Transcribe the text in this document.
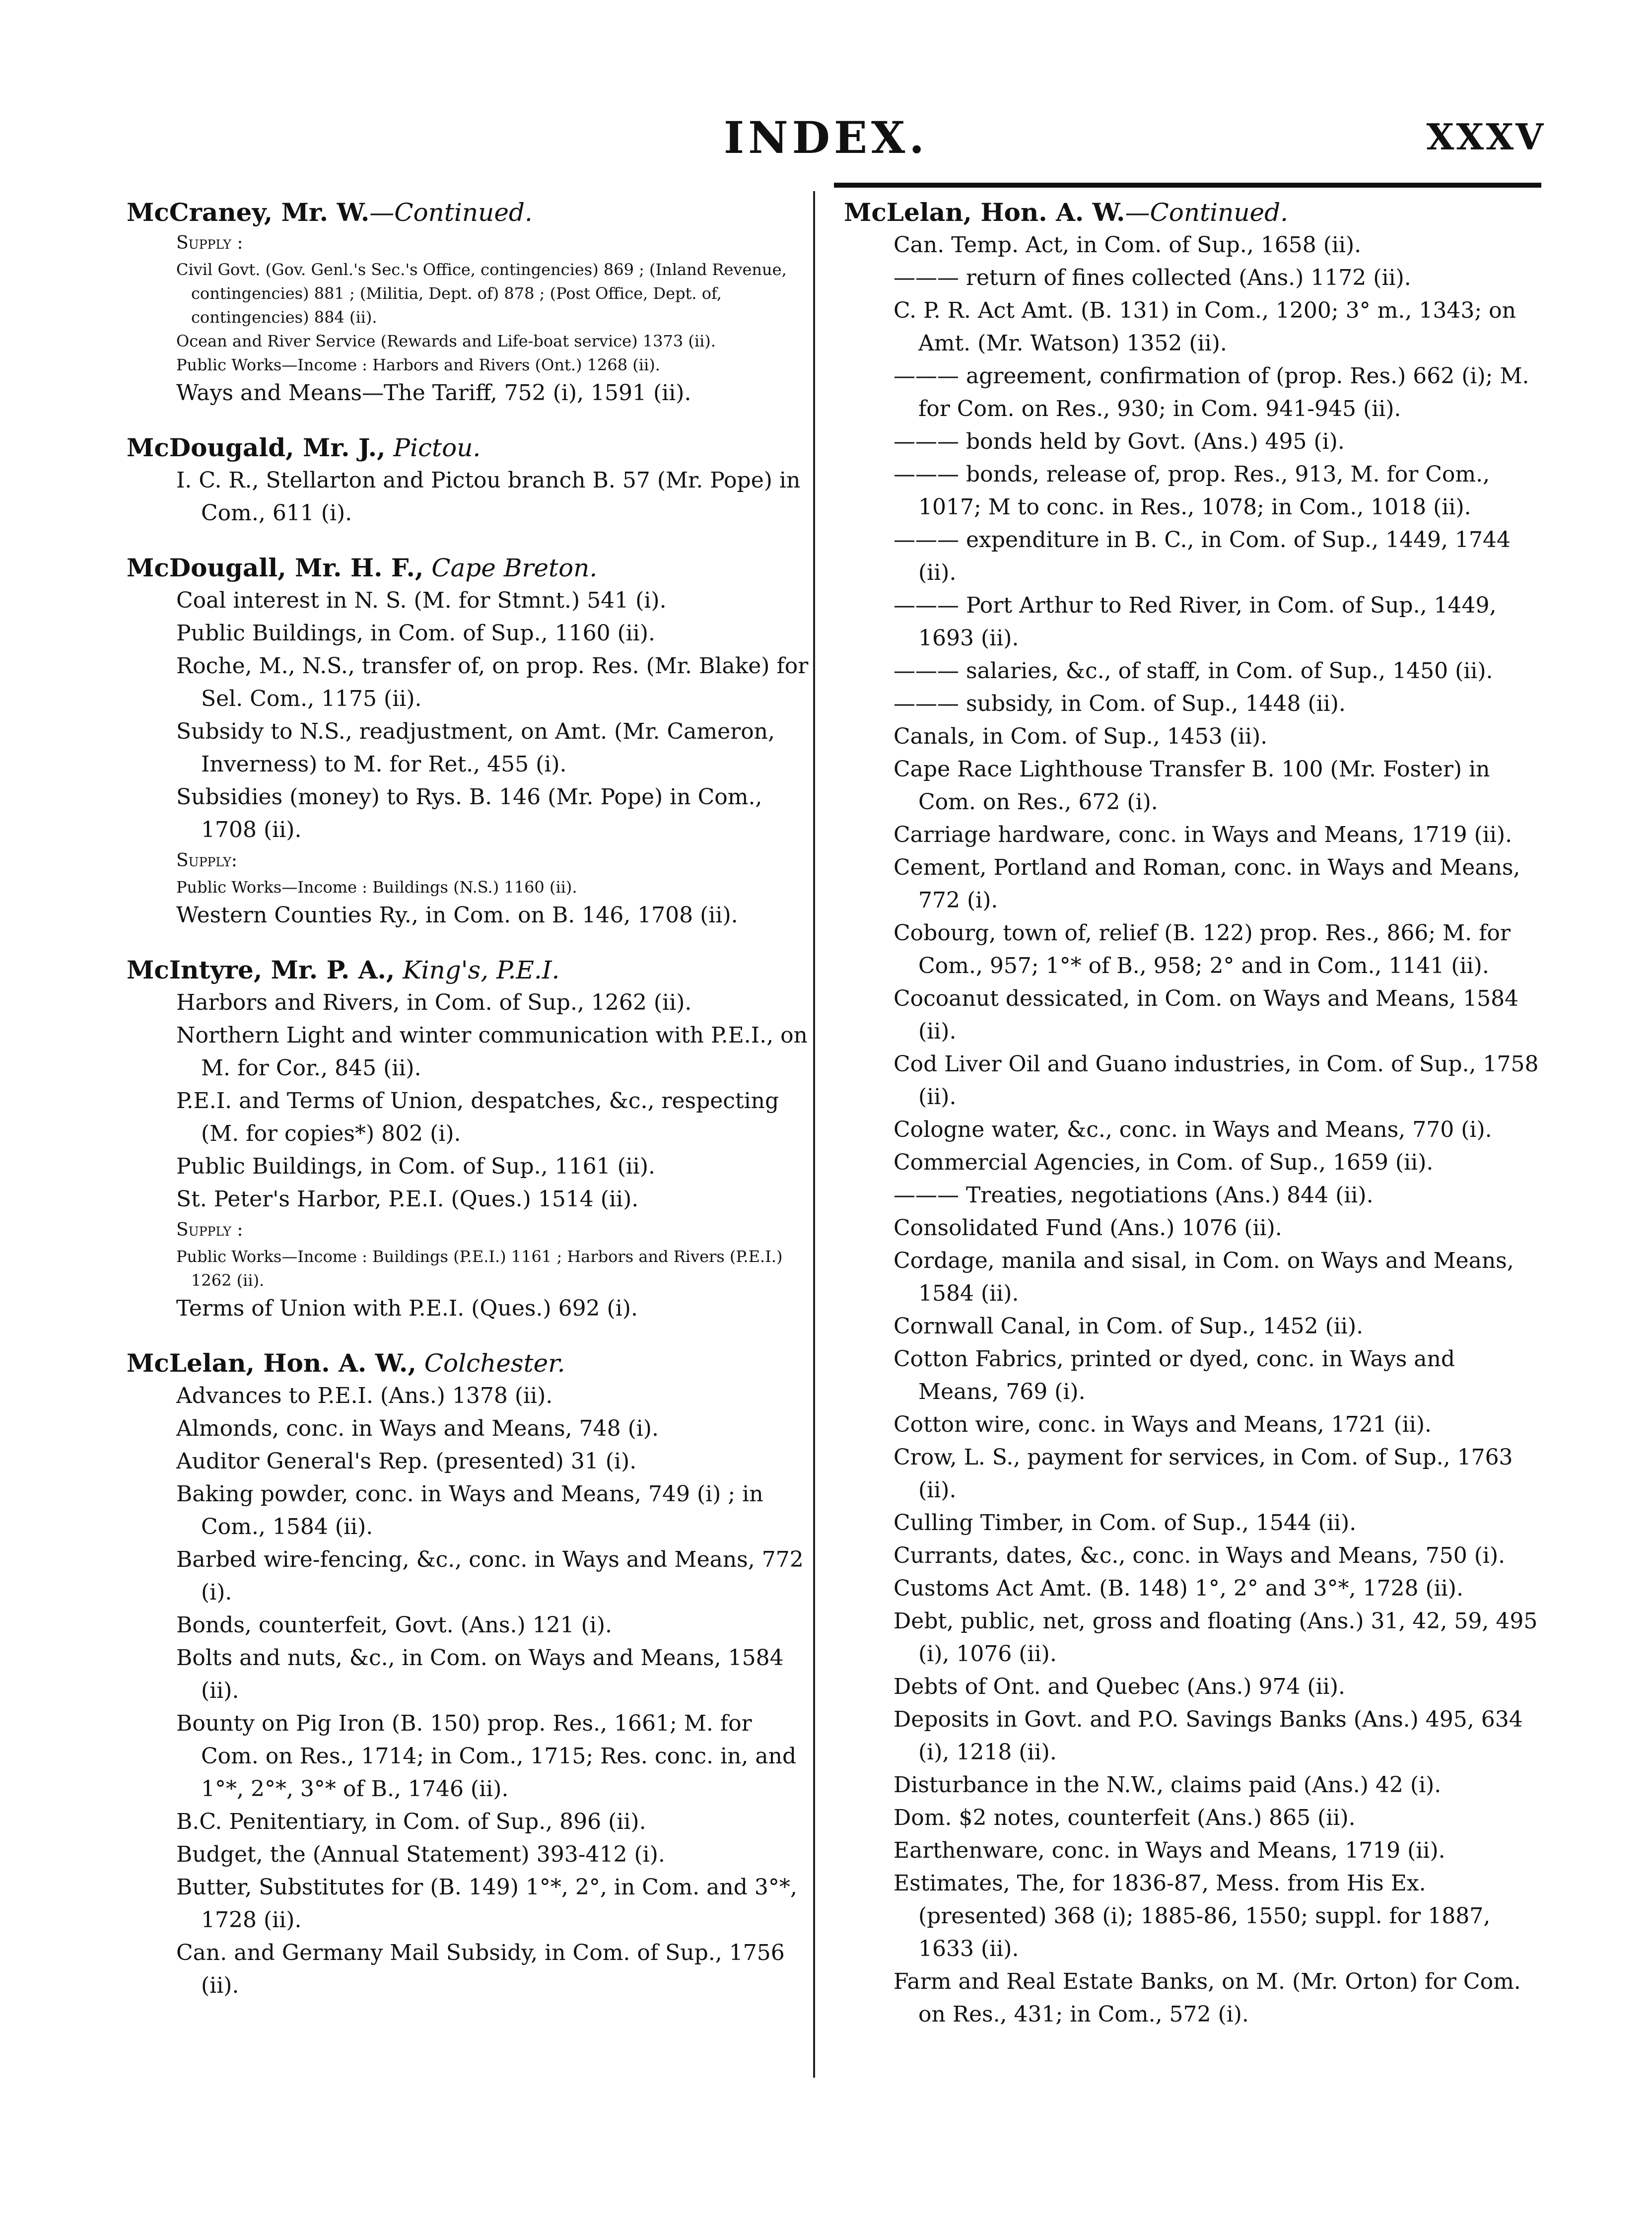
INDEX.	XXXV
McCraney, Mr. W.—Continued.
Supply :
Civil Govt. (Gov. Genl.'s Sec.'s Office, contingencies) 869 ; (Inland Revenue, contingencies) 881 ; (Militia, Dept. of) 878 ; (Post Office, Dept. of, contingencies) 884 (ii).
Ocean and River Service (Rewards and Life-boat service) 1373 (ii).
Public Works—Income : Harbors and Rivers (Ont.) 1268 (ii).
Ways and Means—The Tariff, 752 (i), 1591 (ii).
McDougald, Mr. J., Pictou.
I. C. R., Stellarton and Pictou branch B. 57 (Mr. Pope) in Com., 611 (i).
McDougall, Mr. H. F., Cape Breton.
Coal interest in N. S. (M. for Stmnt.) 541 (i).
Public Buildings, in Com. of Sup., 1160 (ii).
Roche, M., N.S., transfer of, on prop. Res. (Mr. Blake) for Sel. Com., 1175 (ii).
Subsidy to N.S., readjustment, on Amt. (Mr. Cameron, Inverness) to M. for Ret., 455 (i).
Subsidies (money) to Rys. B. 146 (Mr. Pope) in Com., 1708 (ii).
Supply:
Public Works—Income : Buildings (N.S.) 1160 (ii).
Western Counties Ry., in Com. on B. 146, 1708 (ii).
McIntyre, Mr. P. A., King's, P.E.I.
Harbors and Rivers, in Com. of Sup., 1262 (ii).
Northern Light and winter communication with P.E.I., on M. for Cor., 845 (ii).
P.E.I. and Terms of Union, despatches, &c., respecting (M. for copies*) 802 (i).
Public Buildings, in Com. of Sup., 1161 (ii).
St. Peter's Harbor, P.E.I. (Ques.) 1514 (ii).
Supply :
Public Works—Income : Buildings (P.E.I.) 1161 ; Harbors and Rivers (P.E.I.) 1262 (ii).
Terms of Union with P.E.I. (Ques.) 692 (i).
McLelan, Hon. A. W., Colchester.
Advances to P.E.I. (Ans.) 1378 (ii).
Almonds, conc. in Ways and Means, 748 (i).
Auditor General's Rep. (presented) 31 (i).
Baking powder, conc. in Ways and Means, 749 (i) ; in Com., 1584 (ii).
Barbed wire-fencing, &c., conc. in Ways and Means, 772 (i).
Bonds, counterfeit, Govt. (Ans.) 121 (i).
Bolts and nuts, &c., in Com. on Ways and Means, 1584 (ii).
Bounty on Pig Iron (B. 150) prop. Res., 1661; M. for Com. on Res., 1714; in Com., 1715; Res. conc. in, and 1°*, 2°*, 3°* of B., 1746 (ii).
B.C. Penitentiary, in Com. of Sup., 896 (ii).
Budget, the (Annual Statement) 393-412 (i).
Butter, Substitutes for (B. 149) 1°*, 2°, in Com. and 3°*, 1728 (ii).
Can. and Germany Mail Subsidy, in Com. of Sup., 1756 (ii).
McLelan, Hon. A. W.—Continued.
Can. Temp. Act, in Com. of Sup., 1658 (ii).
——— return of fines collected (Ans.) 1172 (ii).
C. P. R. Act Amt. (B. 131) in Com., 1200; 3° m., 1343; on Amt. (Mr. Watson) 1352 (ii).
——— agreement, confirmation of (prop. Res.) 662 (i); M. for Com. on Res., 930; in Com. 941-945 (ii).
——— bonds held by Govt. (Ans.) 495 (i).
——— bonds, release of, prop. Res., 913, M. for Com., 1017; M to conc. in Res., 1078; in Com., 1018 (ii).
——— expenditure in B. C., in Com. of Sup., 1449, 1744 (ii).
——— Port Arthur to Red River, in Com. of Sup., 1449, 1693 (ii).
——— salaries, &c., of staff, in Com. of Sup., 1450 (ii).
——— subsidy, in Com. of Sup., 1448 (ii).
Canals, in Com. of Sup., 1453 (ii).
Cape Race Lighthouse Transfer B. 100 (Mr. Foster) in Com. on Res., 672 (i).
Carriage hardware, conc. in Ways and Means, 1719 (ii).
Cement, Portland and Roman, conc. in Ways and Means, 772 (i).
Cobourg, town of, relief (B. 122) prop. Res., 866; M. for Com., 957; 1°* of B., 958; 2° and in Com., 1141 (ii).
Cocoanut dessicated, in Com. on Ways and Means, 1584 (ii).
Cod Liver Oil and Guano industries, in Com. of Sup., 1758 (ii).
Cologne water, &c., conc. in Ways and Means, 770 (i).
Commercial Agencies, in Com. of Sup., 1659 (ii).
——— Treaties, negotiations (Ans.) 844 (ii).
Consolidated Fund (Ans.) 1076 (ii).
Cordage, manila and sisal, in Com. on Ways and Means, 1584 (ii).
Cornwall Canal, in Com. of Sup., 1452 (ii).
Cotton Fabrics, printed or dyed, conc. in Ways and Means, 769 (i).
Cotton wire, conc. in Ways and Means, 1721 (ii).
Crow, L. S., payment for services, in Com. of Sup., 1763 (ii).
Culling Timber, in Com. of Sup., 1544 (ii).
Currants, dates, &c., conc. in Ways and Means, 750 (i).
Customs Act Amt. (B. 148) 1°, 2° and 3°*, 1728 (ii).
Debt, public, net, gross and floating (Ans.) 31, 42, 59, 495 (i), 1076 (ii).
Debts of Ont. and Quebec (Ans.) 974 (ii).
Deposits in Govt. and P.O. Savings Banks (Ans.) 495, 634 (i), 1218 (ii).
Disturbance in the N.W., claims paid (Ans.) 42 (i).
Dom. $2 notes, counterfeit (Ans.) 865 (ii).
Earthenware, conc. in Ways and Means, 1719 (ii).
Estimates, The, for 1836-87, Mess. from His Ex. (presented) 368 (i); 1885-86, 1550; suppl. for 1887, 1633 (ii).
Farm and Real Estate Banks, on M. (Mr. Orton) for Com. on Res., 431; in Com., 572 (i).
